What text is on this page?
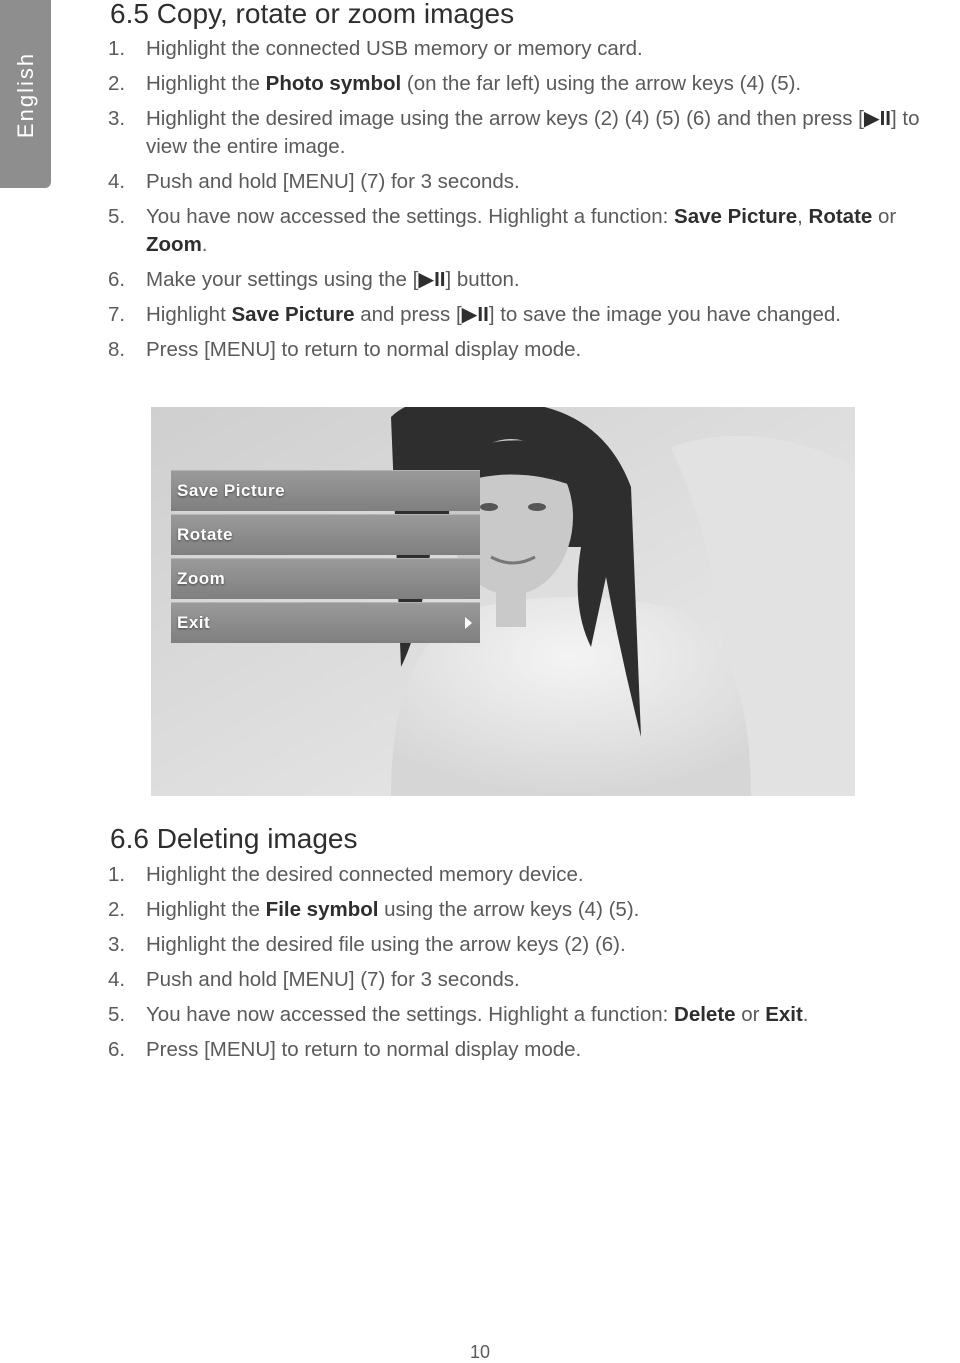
English
6.5 Copy, rotate or zoom images
1. Highlight the connected USB memory or memory card.
2. Highlight the Photo symbol (on the far left) using the arrow keys (4) (5).
3. Highlight the desired image using the arrow keys (2) (4) (5) (6) and then press [▶II] to view the entire image.
4. Push and hold [MENU] (7) for 3 seconds.
5. You have now accessed the settings. Highlight a function: Save Picture, Rotate or Zoom.
6. Make your settings using the [▶II] button.
7. Highlight Save Picture and press [▶II] to save the image you have changed.
8. Press [MENU] to return to normal display mode.
Save Picture
Rotate
Zoom
Exit
6.6 Deleting images
1. Highlight the desired connected memory device.
2. Highlight the File symbol using the arrow keys (4) (5).
3. Highlight the desired file using the arrow keys (2) (6).
4. Push and hold [MENU] (7) for 3 seconds.
5. You have now accessed the settings. Highlight a function: Delete or Exit.
6. Press [MENU] to return to normal display mode.
10
